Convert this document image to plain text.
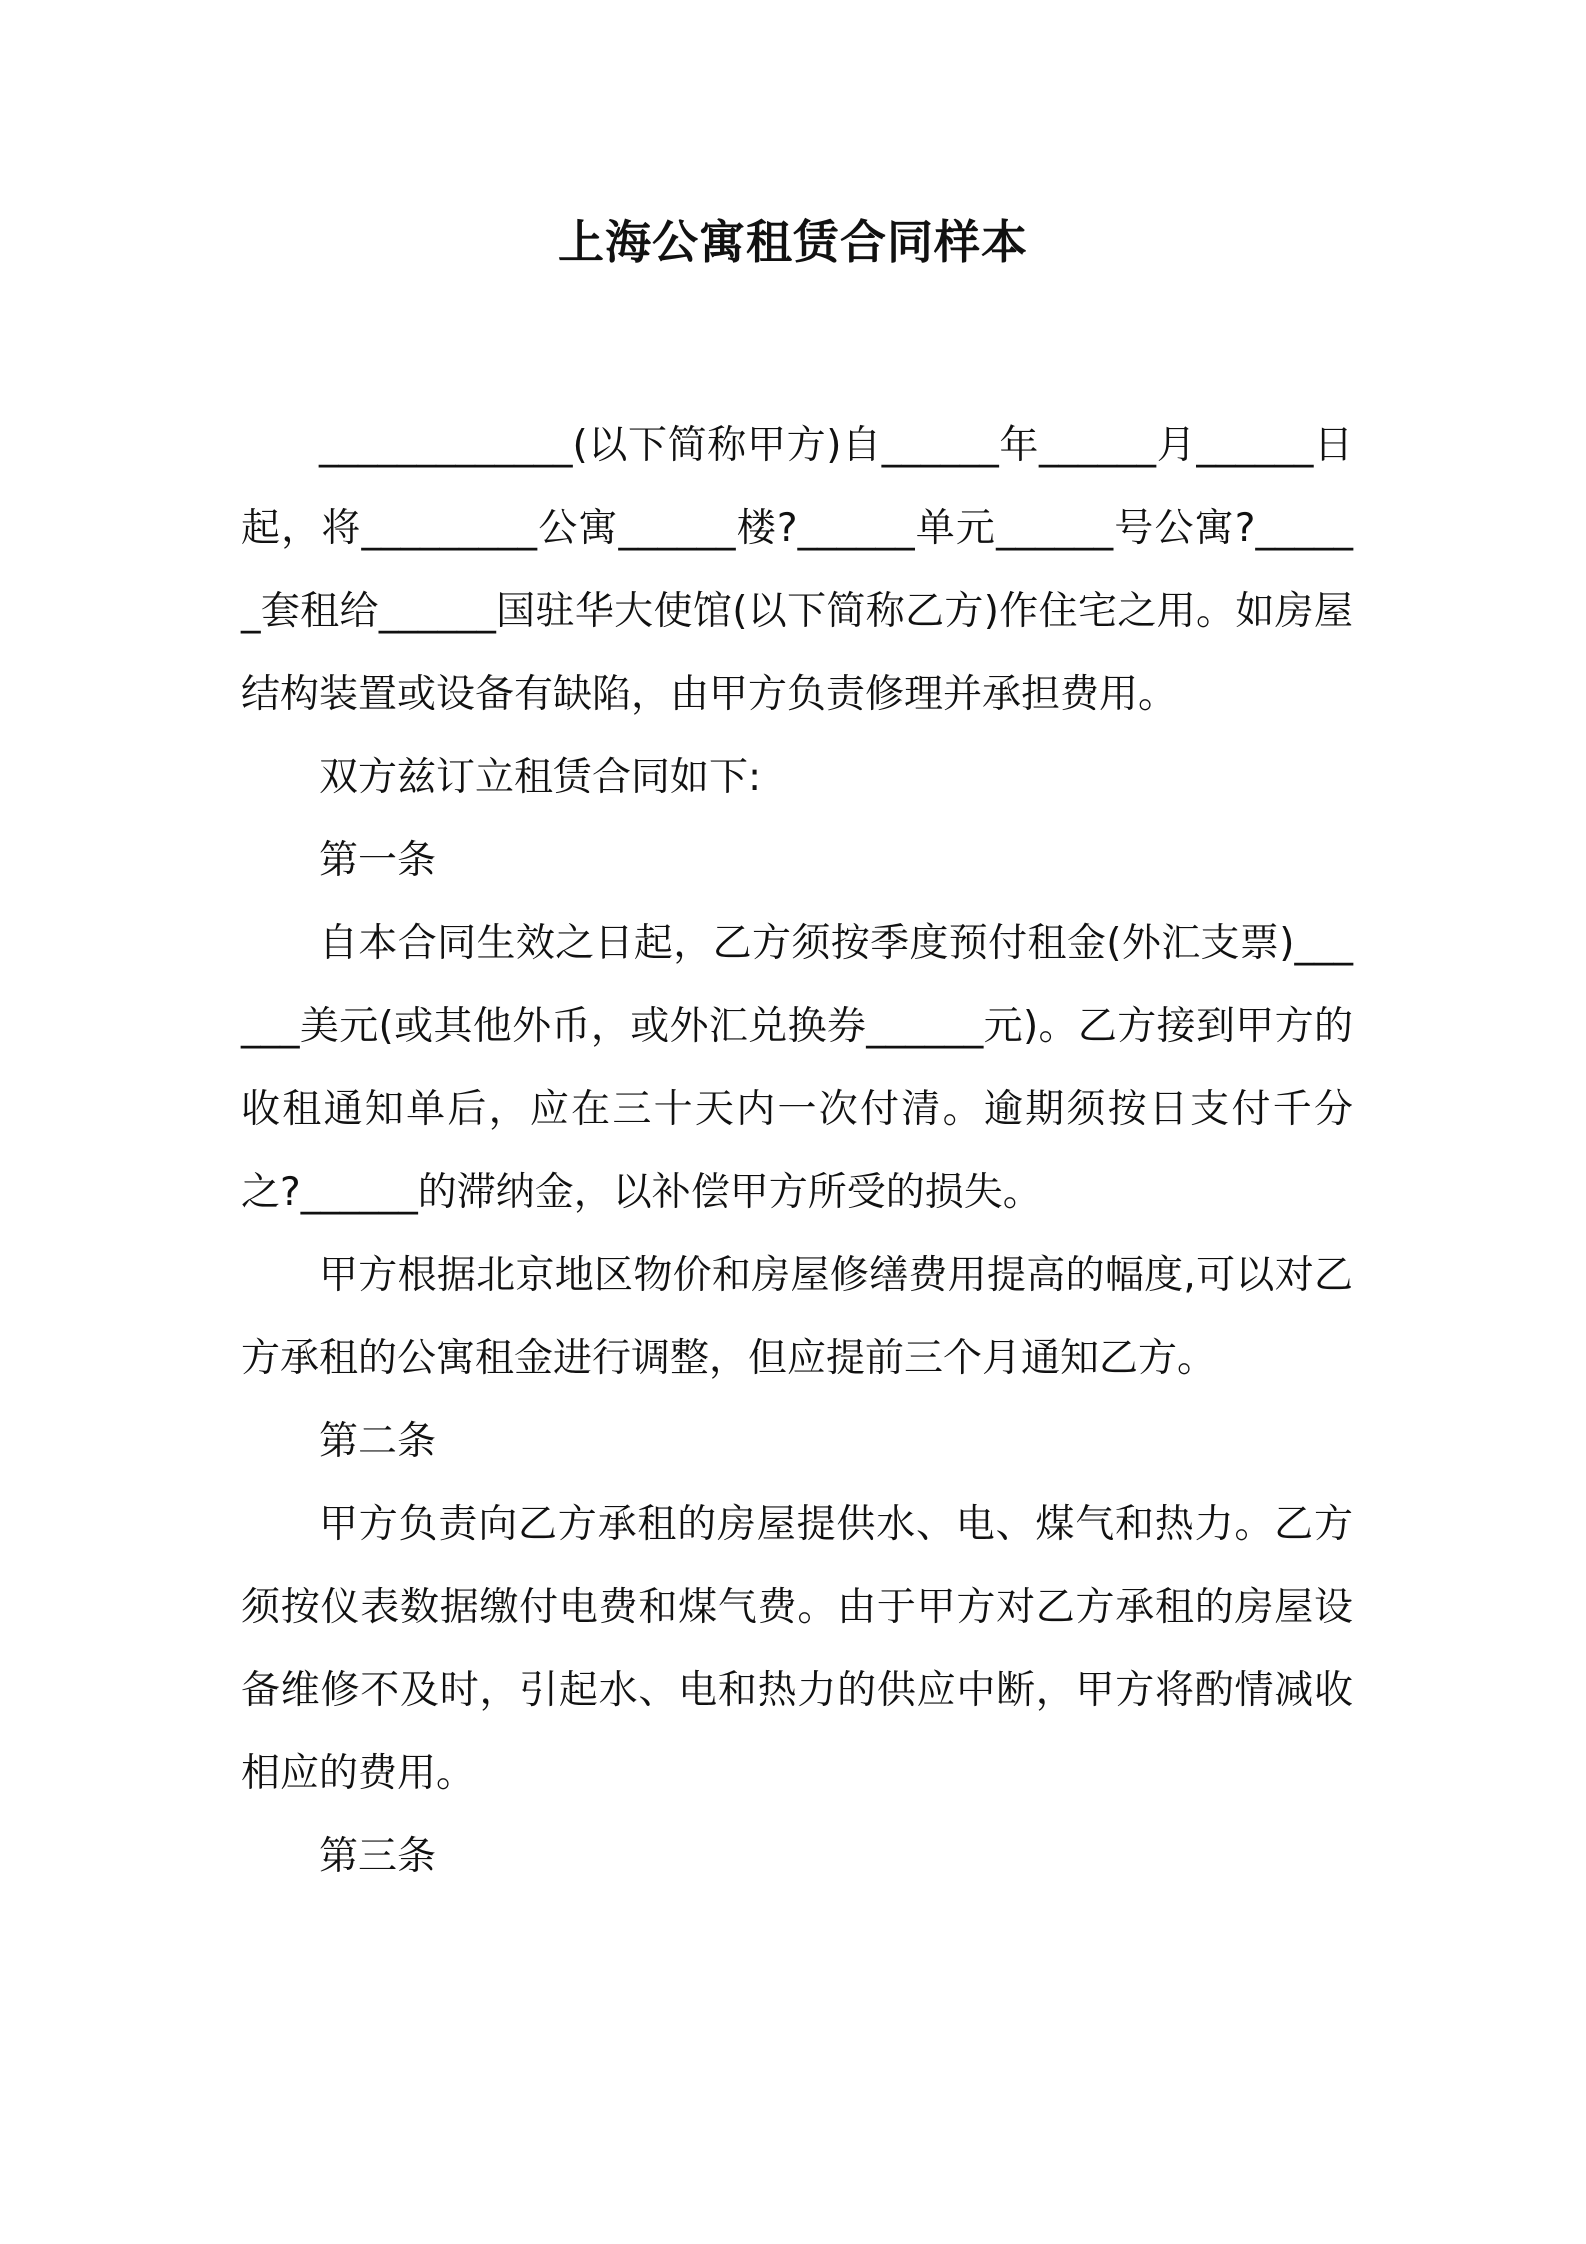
上海公寓租赁合同样本

_____________(以下简称甲方)自______年______月______日起，将_________公寓______楼?______单元______号公寓?______套租给______国驻华大使馆(以下简称乙方)作住宅之用。如房屋结构装置或设备有缺陷，由甲方负责修理并承担费用。

双方兹订立租赁合同如下:

第一条

自本合同生效之日起，乙方须按季度预付租金(外汇支票)______美元(或其他外币，或外汇兑换券______元)。乙方接到甲方的收租通知单后，应在三十天内一次付清。逾期须按日支付千分之?______的滞纳金，以补偿甲方所受的损失。

甲方根据北京地区物价和房屋修缮费用提高的幅度,可以对乙方承租的公寓租金进行调整，但应提前三个月通知乙方。

第二条

甲方负责向乙方承租的房屋提供水、电、煤气和热力。乙方须按仪表数据缴付电费和煤气费。由于甲方对乙方承租的房屋设备维修不及时，引起水、电和热力的供应中断，甲方将酌情减收相应的费用。

第三条
